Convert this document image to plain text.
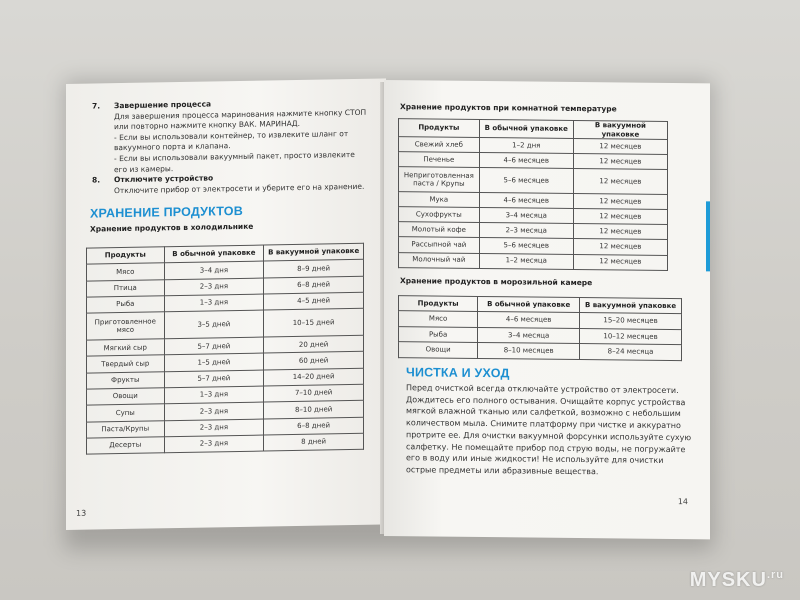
7.	Завершение процесса
Для завершения процесса маринования нажмите кнопку СТОП
или повторно нажмите кнопку ВАК. МАРИНАД.
- Если вы использовали контейнер, то извлеките шланг от
вакуумного порта и клапана.
- Если вы использовали вакуумный пакет, просто извлеките
его из камеры.
8.	Отключите устройство
Отключите прибор от электросети и уберите его на хранение.
ХРАНЕНИЕ ПРОДУКТОВ
Хранение продуктов в холодильнике
Продукты	В обычной упаковке	В вакуумной упаковке
Мясо	3–4 дня	8–9 дней
Птица	2–3 дня	6–8 дней
Рыба	1–3 дня	4–5 дней
Приготовленное мясо	3–5 дней	10–15 дней
Мягкий сыр	5–7 дней	20 дней
Твердый сыр	1–5 дней	60 дней
Фрукты	5–7 дней	14–20 дней
Овощи	1–3 дня	7–10 дней
Супы	2–3 дня	8–10 дней
Паста/Крупы	2–3 дня	6–8 дней
Десерты	2–3 дня	8 дней
13
Хранение продуктов при комнатной температуре
Продукты	В обычной упаковке	В вакуумной упаковке
Свежий хлеб	1–2 дня	12 месяцев
Печенье	4–6 месяцев	12 месяцев
Неприготовленная паста / Крупы	5–6 месяцев	12 месяцев
Мука	4–6 месяцев	12 месяцев
Сухофрукты	3–4 месяца	12 месяцев
Молотый кофе	2–3 месяца	12 месяцев
Рассыпной чай	5–6 месяцев	12 месяцев
Молочный чай	1–2 месяца	12 месяцев
Хранение продуктов в морозильной камере
Продукты	В обычной упаковке	В вакуумной упаковке
Мясо	4–6 месяцев	15–20 месяцев
Рыба	3–4 месяца	10–12 месяцев
Овощи	8–10 месяцев	8–24 месяца
ЧИСТКА И УХОД
Перед очисткой всегда отключайте устройство от электросети. Дождитесь его полного остывания. Очищайте корпус устройства мягкой влажной тканью или салфеткой, возможно с небольшим количеством мыла. Снимите платформу при чистке и аккуратно протрите ее. Для очистки вакуумной форсунки используйте сухую салфетку. Не помещайте прибор под струю воды, не погружайте его в воду или иные жидкости! Не используйте для очистки острые предметы или абразивные вещества.
14
$MYSKU^{.ru}$
